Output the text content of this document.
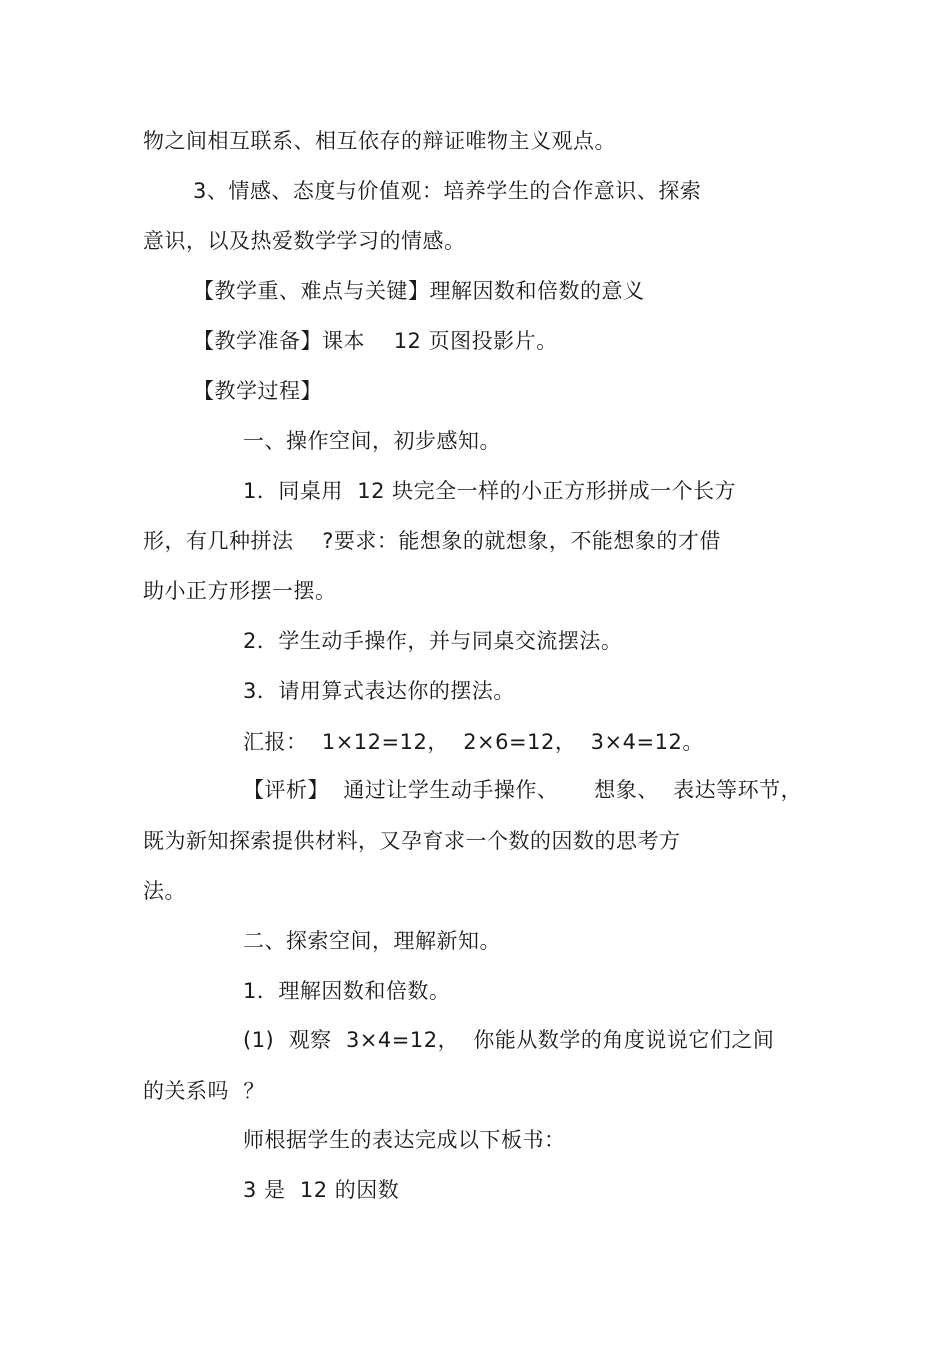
物之间相互联系、相互依存的辩证唯物主义观点。
3、情感、态度与价值观：培养学生的合作意识、探索
意识，以及热爱数学学习的情感。
【教学重、难点与关键】理解因数和倍数的意义
【教学准备】课本    12 页图投影片。
【教学过程】
一、操作空间，初步感知。
1．同桌用  12 块完全一样的小正方形拼成一个长方
形，有几种拼法    ?要求：能想象的就想象，不能想象的才借
助小正方形摆一摆。
2．学生动手操作，并与同桌交流摆法。
3．请用算式表达你的摆法。
汇报：  1×12=12，  2×6=12，  3×4=12。
【评析】  通过让学生动手操作、     想象、  表达等环节，
既为新知探索提供材料，又孕育求一个数的因数的思考方
法。
二、探索空间，理解新知。
1．理解因数和倍数。
(1)  观察  3×4=12，  你能从数学的角度说说它们之间
的关系吗  ？
师根据学生的表达完成以下板书：
3 是  12 的因数
